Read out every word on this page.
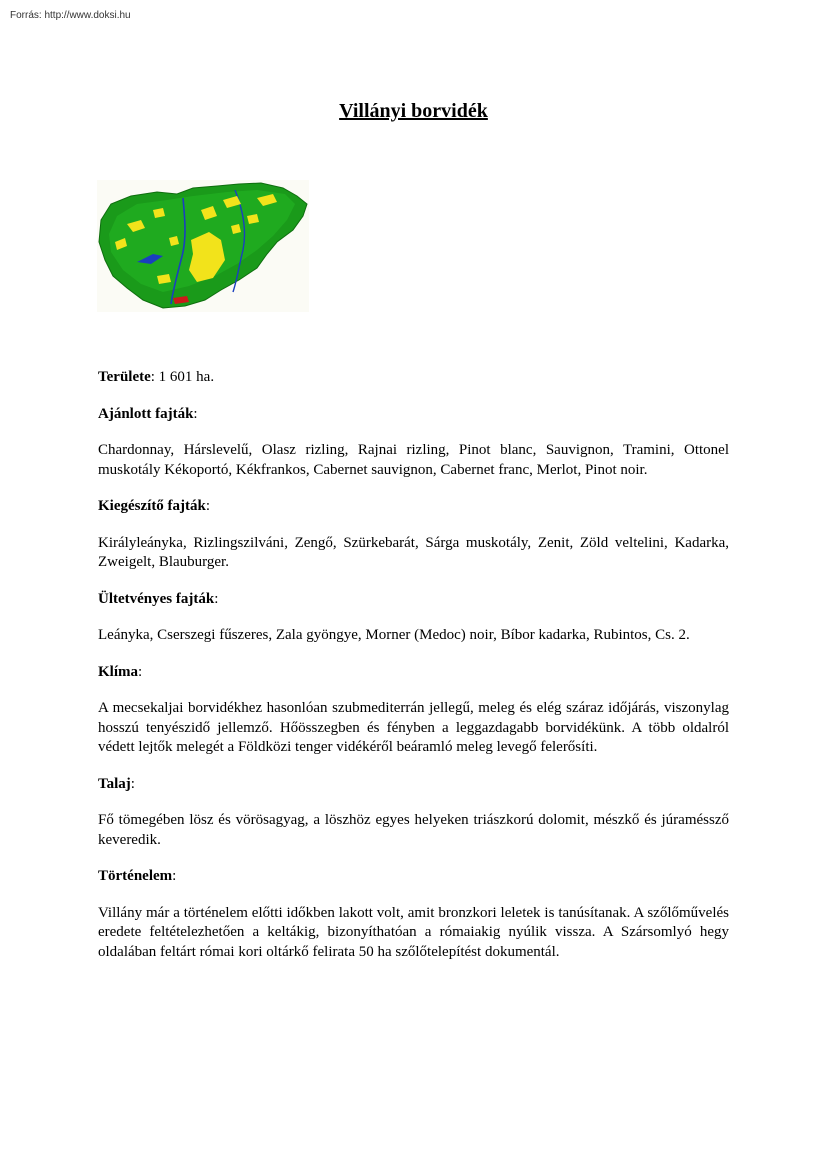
Forrás: http://www.doksi.hu
Villányi borvidék

Területe: 1 601 ha.

Ajánlott fajták:

Chardonnay, Hárslevelű, Olasz rizling, Rajnai rizling, Pinot blanc, Sauvignon, Tramini, Ottonel muskotály Kékoportó, Kékfrankos, Cabernet sauvignon, Cabernet franc, Merlot, Pinot noir.

Kiegészítő fajták:

Királyleányka, Rizlingszilváni, Zengő, Szürkebarát, Sárga muskotály, Zenit, Zöld veltelini, Kadarka, Zweigelt, Blauburger.

Ültetvényes fajták:

Leányka, Cserszegi fűszeres, Zala gyöngye, Morner (Medoc) noir, Bíbor kadarka, Rubintos, Cs. 2.

Klíma:

A mecsekaljai borvidékhez hasonlóan szubmediterrán jellegű, meleg és elég száraz időjárás, viszonylag hosszú tenyészidő jellemző. Hőösszegben és fényben a leggazdagabb borvidékünk. A több oldalról védett lejtők melegét a Földközi tenger vidékéről beáramló meleg levegő felerősíti.

Talaj:

Fő tömegében lösz és vörösagyag, a löszhöz egyes helyeken triászkorú dolomit, mészkő és júraméssző keveredik.

Történelem:

Villány már a történelem előtti időkben lakott volt, amit bronzkori leletek is tanúsítanak. A szőlőművelés eredete feltételezhetően a keltákig, bizonyíthatóan a rómaiakig nyúlik vissza. A Szársomlyó hegy oldalában feltárt római kori oltárkő felirata 50 ha szőlőtelepítést dokumentál.
